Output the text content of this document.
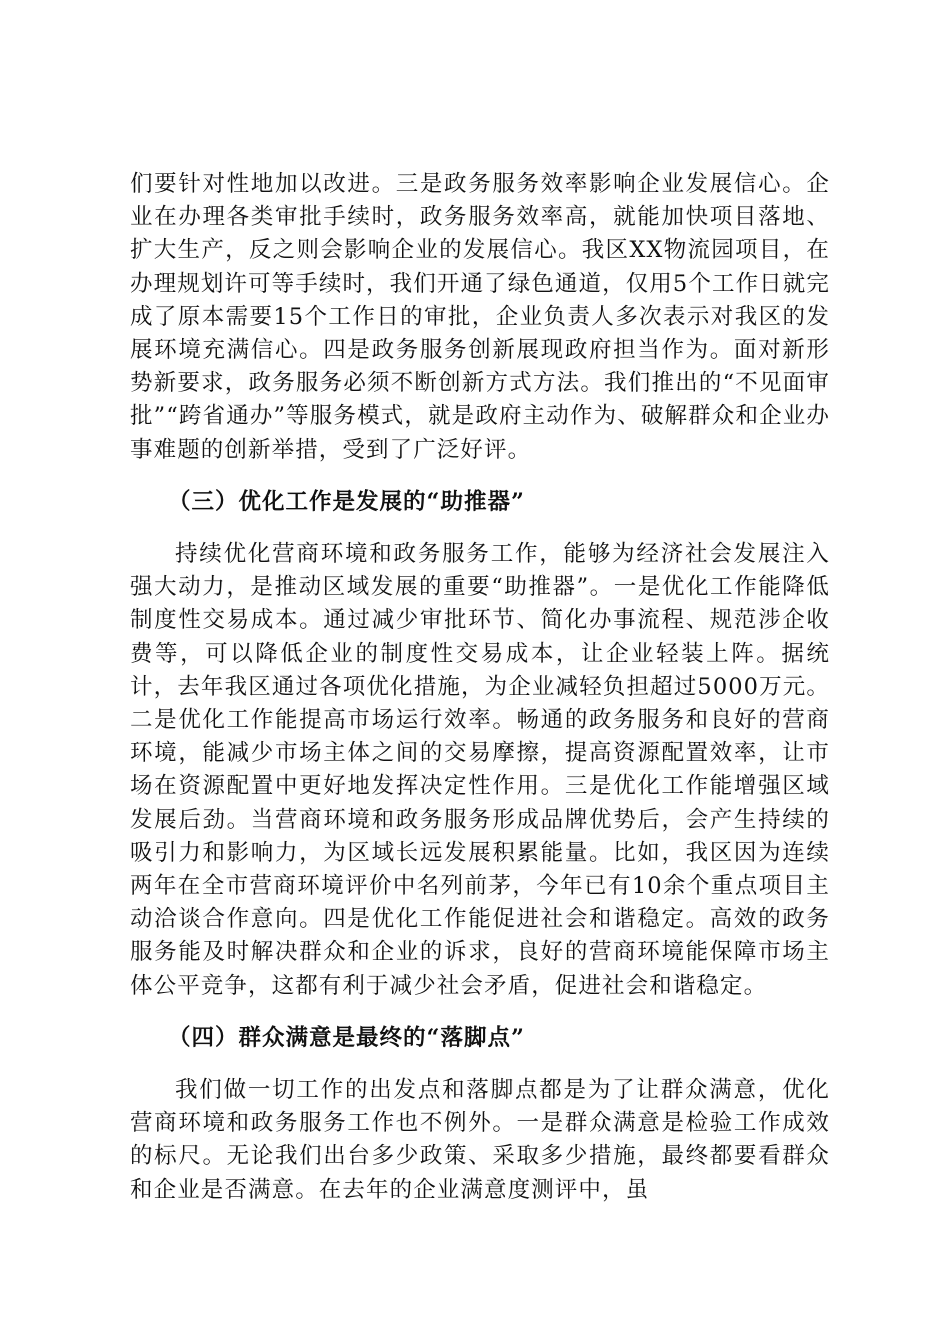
们要针对性地加以改进。三是政务服务效率影响企业发展信心。企业在办理各类审批手续时，政务服务效率高，就能加快项目落地、扩大生产，反之则会影响企业的发展信心。我区XX物流园项目，在办理规划许可等手续时，我们开通了绿色通道，仅用5个工作日就完成了原本需要15个工作日的审批，企业负责人多次表示对我区的发展环境充满信心。四是政务服务创新展现政府担当作为。面对新形势新要求，政务服务必须不断创新方式方法。我们推出的“不见面审批”“跨省通办”等服务模式，就是政府主动作为、破解群众和企业办事难题的创新举措，受到了广泛好评。

（三）优化工作是发展的“助推器”

持续优化营商环境和政务服务工作，能够为经济社会发展注入强大动力，是推动区域发展的重要“助推器”。一是优化工作能降低制度性交易成本。通过减少审批环节、简化办事流程、规范涉企收费等，可以降低企业的制度性交易成本，让企业轻装上阵。据统计，去年我区通过各项优化措施，为企业减轻负担超过5000万元。二是优化工作能提高市场运行效率。畅通的政务服务和良好的营商环境，能减少市场主体之间的交易摩擦，提高资源配置效率，让市场在资源配置中更好地发挥决定性作用。三是优化工作能增强区域发展后劲。当营商环境和政务服务形成品牌优势后，会产生持续的吸引力和影响力，为区域长远发展积累能量。比如，我区因为连续两年在全市营商环境评价中名列前茅，今年已有10余个重点项目主动洽谈合作意向。四是优化工作能促进社会和谐稳定。高效的政务服务能及时解决群众和企业的诉求，良好的营商环境能保障市场主体公平竞争，这都有利于减少社会矛盾，促进社会和谐稳定。

（四）群众满意是最终的“落脚点”

我们做一切工作的出发点和落脚点都是为了让群众满意，优化营商环境和政务服务工作也不例外。一是群众满意是检验工作成效的标尺。无论我们出台多少政策、采取多少措施，最终都要看群众和企业是否满意。在去年的企业满意度测评中，虽
